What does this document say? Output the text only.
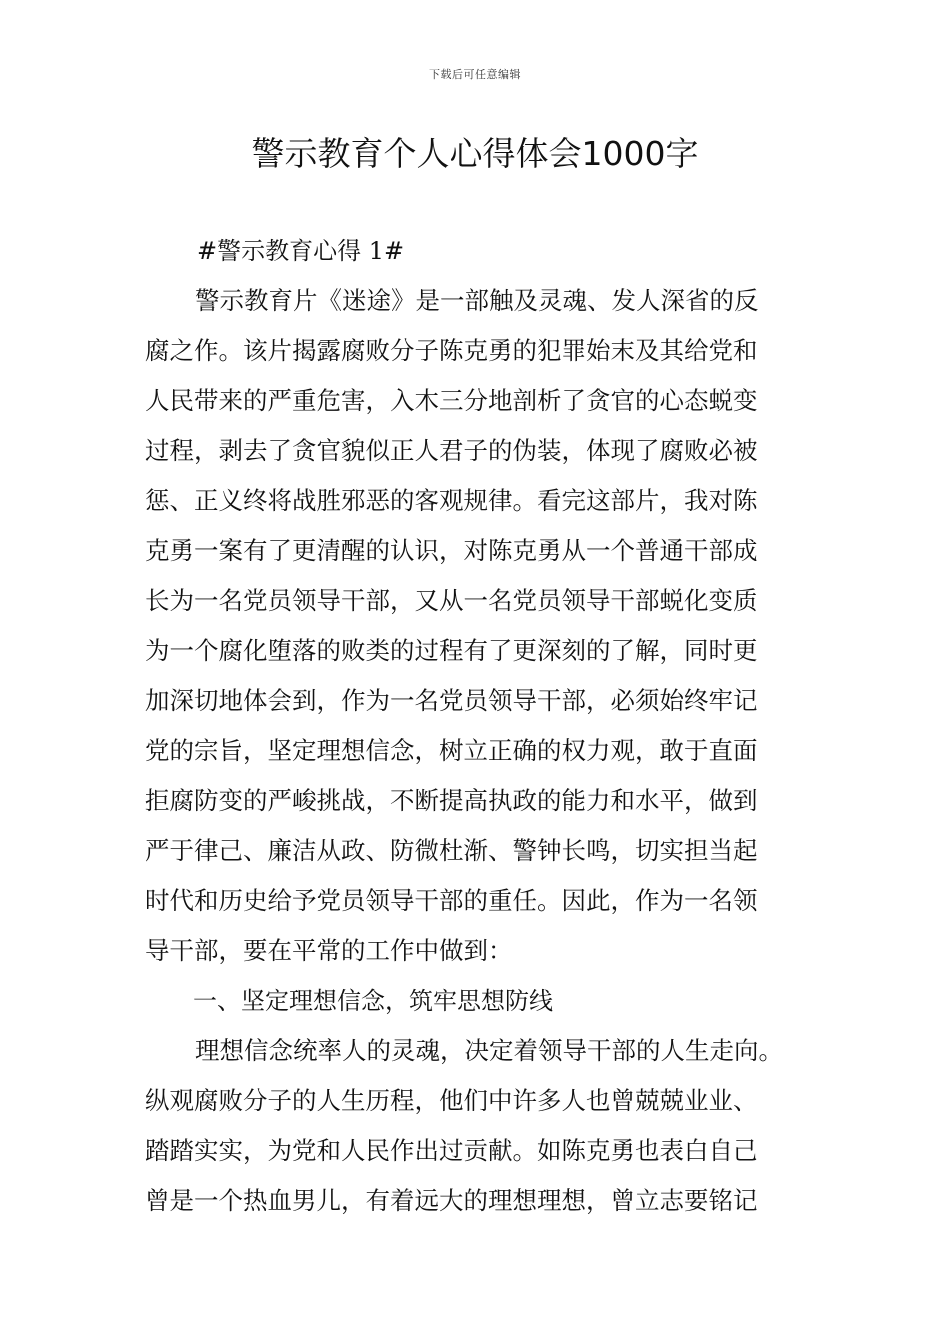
下载后可任意编辑
警示教育个人心得体会1000字
#警示教育心得 1#
警示教育片《迷途》是一部触及灵魂、发人深省的反
腐之作。该片揭露腐败分子陈克勇的犯罪始末及其给党和
人民带来的严重危害，入木三分地剖析了贪官的心态蜕变
过程，剥去了贪官貌似正人君子的伪装，体现了腐败必被
惩、正义终将战胜邪恶的客观规律。看完这部片，我对陈
克勇一案有了更清醒的认识，对陈克勇从一个普通干部成
长为一名党员领导干部，又从一名党员领导干部蜕化变质
为一个腐化堕落的败类的过程有了更深刻的了解，同时更
加深切地体会到，作为一名党员领导干部，必须始终牢记
党的宗旨，坚定理想信念，树立正确的权力观，敢于直面
拒腐防变的严峻挑战，不断提高执政的能力和水平，做到
严于律己、廉洁从政、防微杜渐、警钟长鸣，切实担当起
时代和历史给予党员领导干部的重任。因此，作为一名领
导干部，要在平常的工作中做到：
一、坚定理想信念，筑牢思想防线
理想信念统率人的灵魂，决定着领导干部的人生走向。
纵观腐败分子的人生历程，他们中许多人也曾兢兢业业、
踏踏实实，为党和人民作出过贡献。如陈克勇也表白自己
曾是一个热血男儿，有着远大的理想理想，曾立志要铭记
